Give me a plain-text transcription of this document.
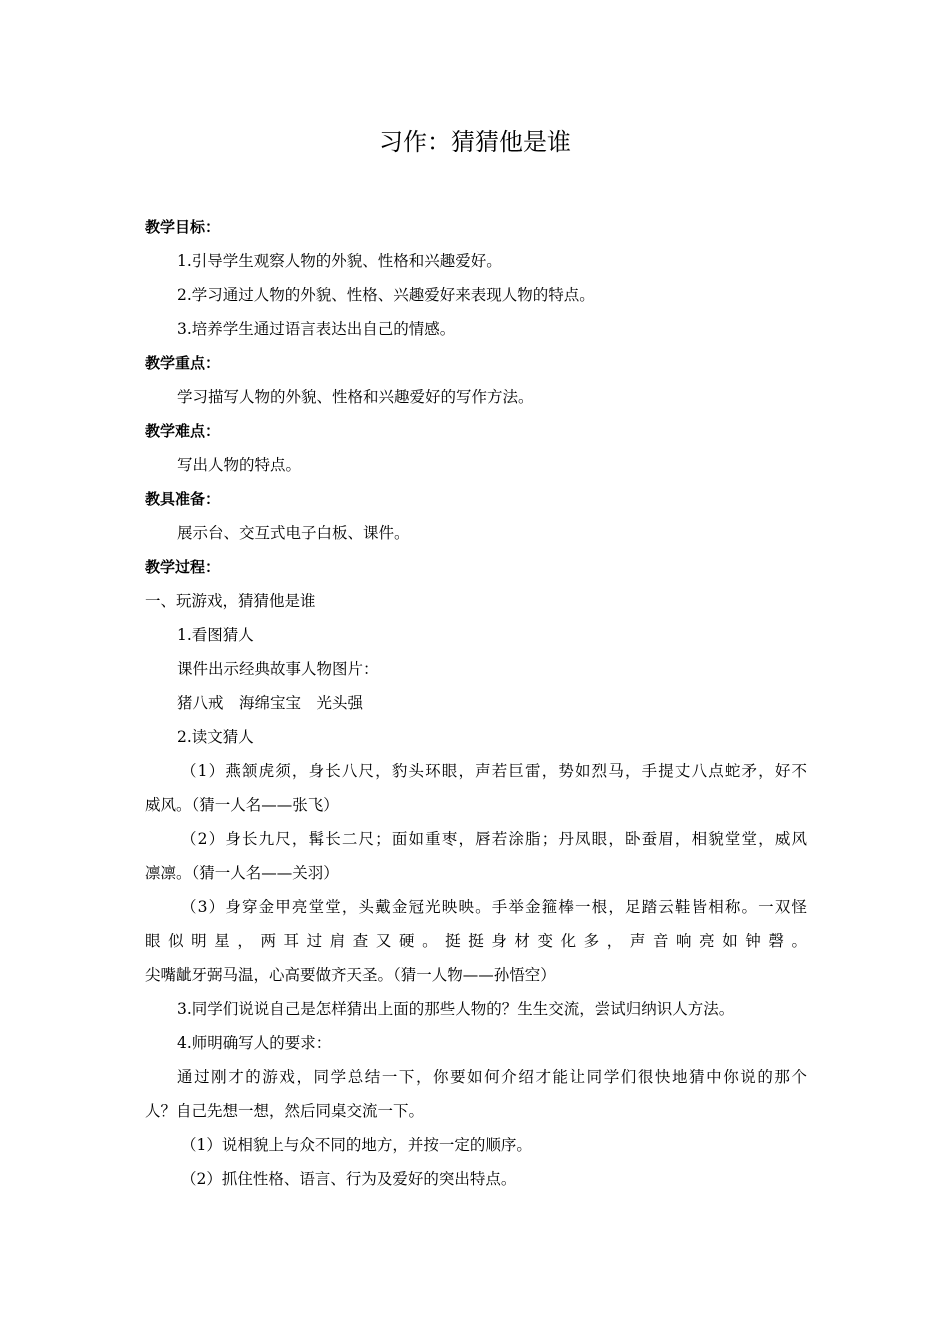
习作：猜猜他是谁
教学目标：
1.引导学生观察人物的外貌、性格和兴趣爱好。
2.学习通过人物的外貌、性格、兴趣爱好来表现人物的特点。
3.培养学生通过语言表达出自己的情感。
教学重点：
学习描写人物的外貌、性格和兴趣爱好的写作方法。
教学难点：
写出人物的特点。
教具准备：
展示台、交互式电子白板、课件。
教学过程：
一、玩游戏，猜猜他是谁
1.看图猜人
课件出示经典故事人物图片：
猪八戒　海绵宝宝　光头强
2.读文猜人
（1）燕颔虎须，身长八尺，豹头环眼，声若巨雷，势如烈马，手提丈八点蛇矛，好不
威风。（猜一人名——张飞）
（2）身长九尺，髯长二尺；面如重枣，唇若涂脂；丹凤眼，卧蚕眉，相貌堂堂，威风
凛凛。（猜一人名——关羽）
（3）身穿金甲亮堂堂，头戴金冠光映映。手举金箍棒一根，足踏云鞋皆相称。一双怪
眼似明星，两耳过肩查又硬。挺挺身材变化多，声音响亮如钟磬。
尖嘴龇牙弼马温，心高要做齐天圣。（猜一人物——孙悟空）
3.同学们说说自己是怎样猜出上面的那些人物的？生生交流，尝试归纳识人方法。
4.师明确写人的要求：
通过刚才的游戏，同学总结一下，你要如何介绍才能让同学们很快地猜中你说的那个
人？自己先想一想，然后同桌交流一下。
（1）说相貌上与众不同的地方，并按一定的顺序。
（2）抓住性格、语言、行为及爱好的突出特点。
